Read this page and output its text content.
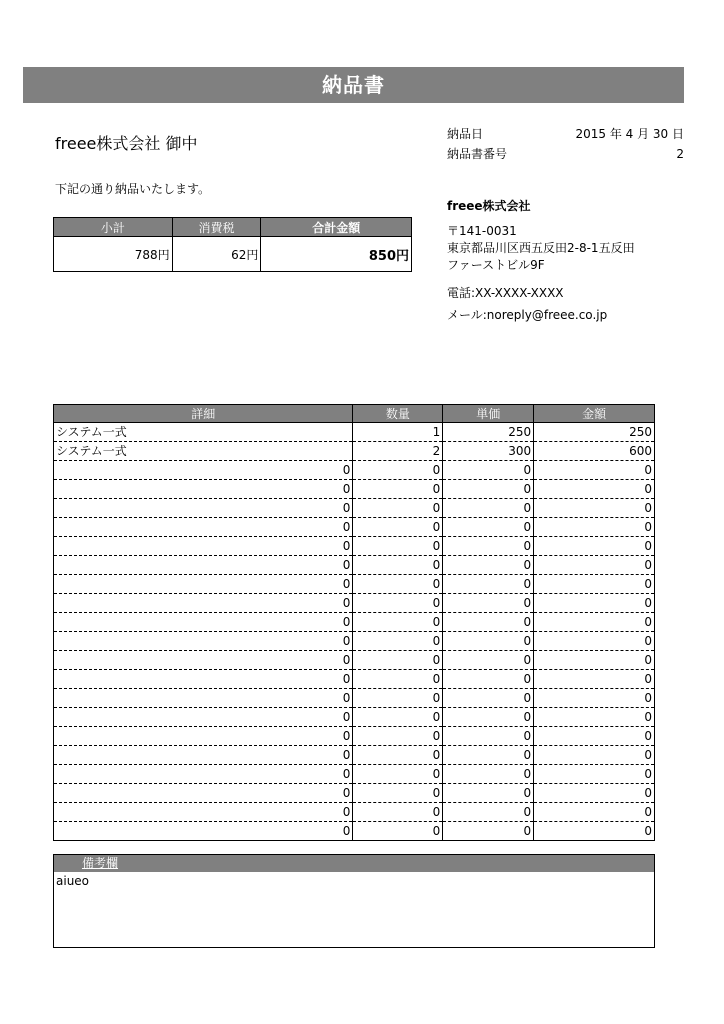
納品書
freee株式会社 御中
下記の通り納品いたします。
小計	消費税	合計金額
788円	62円	850円
納品日	2015 年 4 月 30 日
納品書番号	2
freee株式会社
〒141-0031
東京都品川区西五反田2-8-1五反田
ファーストビル9F
電話:XX-XXXX-XXXX
メール:noreply@freee.co.jp
詳細	数量	単価	金額
システム一式	1	250	250
システム一式	2	300	600
0	0	0	0
0	0	0	0
0	0	0	0
0	0	0	0
0	0	0	0
0	0	0	0
0	0	0	0
0	0	0	0
0	0	0	0
0	0	0	0
0	0	0	0
0	0	0	0
0	0	0	0
0	0	0	0
0	0	0	0
0	0	0	0
0	0	0	0
0	0	0	0
0	0	0	0
0	0	0	0
備考欄
aiueo
